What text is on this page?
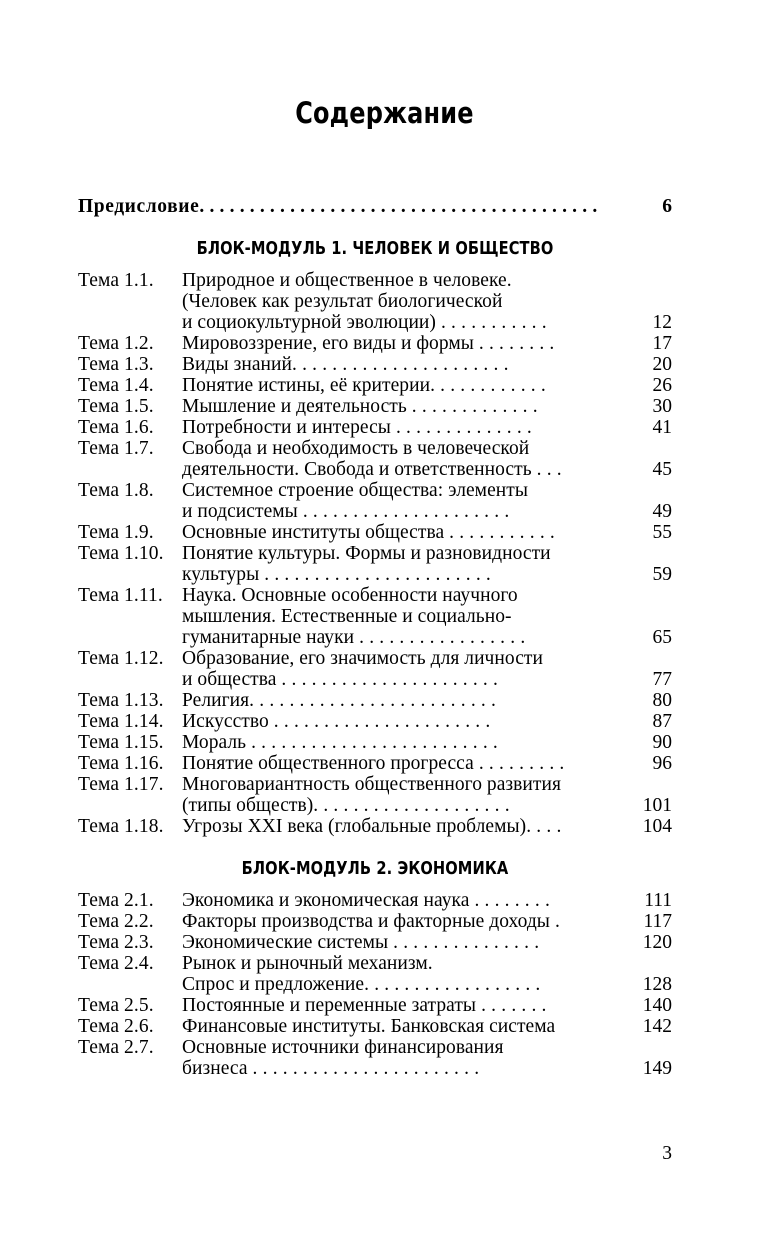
Содержание
Предисловие ........................................	6
БЛОК-МОДУЛЬ 1. ЧЕЛОВЕК И ОБЩЕСТВО
Тема 1.1.	Природное и общественное в человеке.
(Человек как результат биологической
и социокультурной эволюции) ...........	12
Тема 1.2.	Мировоззрение, его виды и формы ........	17
Тема 1.3.	Виды знаний ......................	20
Тема 1.4.	Понятие истины, её критерии ............	26
Тема 1.5.	Мышление и деятельность .............	30
Тема 1.6.	Потребности и интересы ..............	41
Тема 1.7.	Свобода и необходимость в человеческой
деятельности. Свобода и ответственность ...	45
Тема 1.8.	Системное строение общества: элементы
и подсистемы .....................	49
Тема 1.9.	Основные институты общества ...........	55
Тема 1.10. Понятие культуры. Формы и разновидности
культуры .......................	59
Тема 1.11. Наука. Основные особенности научного
мышления. Естественные и социально-
гуманитарные науки .................	65
Тема 1.12. Образование, его значимость для личности
и общества ......................	77
Тема 1.13. Религия .........................	80
Тема 1.14. Искусство ......................	87
Тема 1.15. Мораль .........................	90
Тема 1.16. Понятие общественного прогресса .........	96
Тема 1.17. Многовариантность общественного развития
(типы обществ) ....................	101
Тема 1.18. Угрозы XXI века (глобальные проблемы) ....	104
БЛОК-МОДУЛЬ 2. ЭКОНОМИКА
Тема 2.1.	Экономика и экономическая наука ........	111
Тема 2.2.	Факторы производства и факторные доходы .	117
Тема 2.3.	Экономические системы ...............	120
Тема 2.4.	Рынок и рыночный механизм.
Спрос и предложение ..................	128
Тема 2.5.	Постоянные и переменные затраты .......	140
Тема 2.6.	Финансовые институты. Банковская система	142
Тема 2.7.	Основные источники финансирования
бизнеса .......................	149
3
